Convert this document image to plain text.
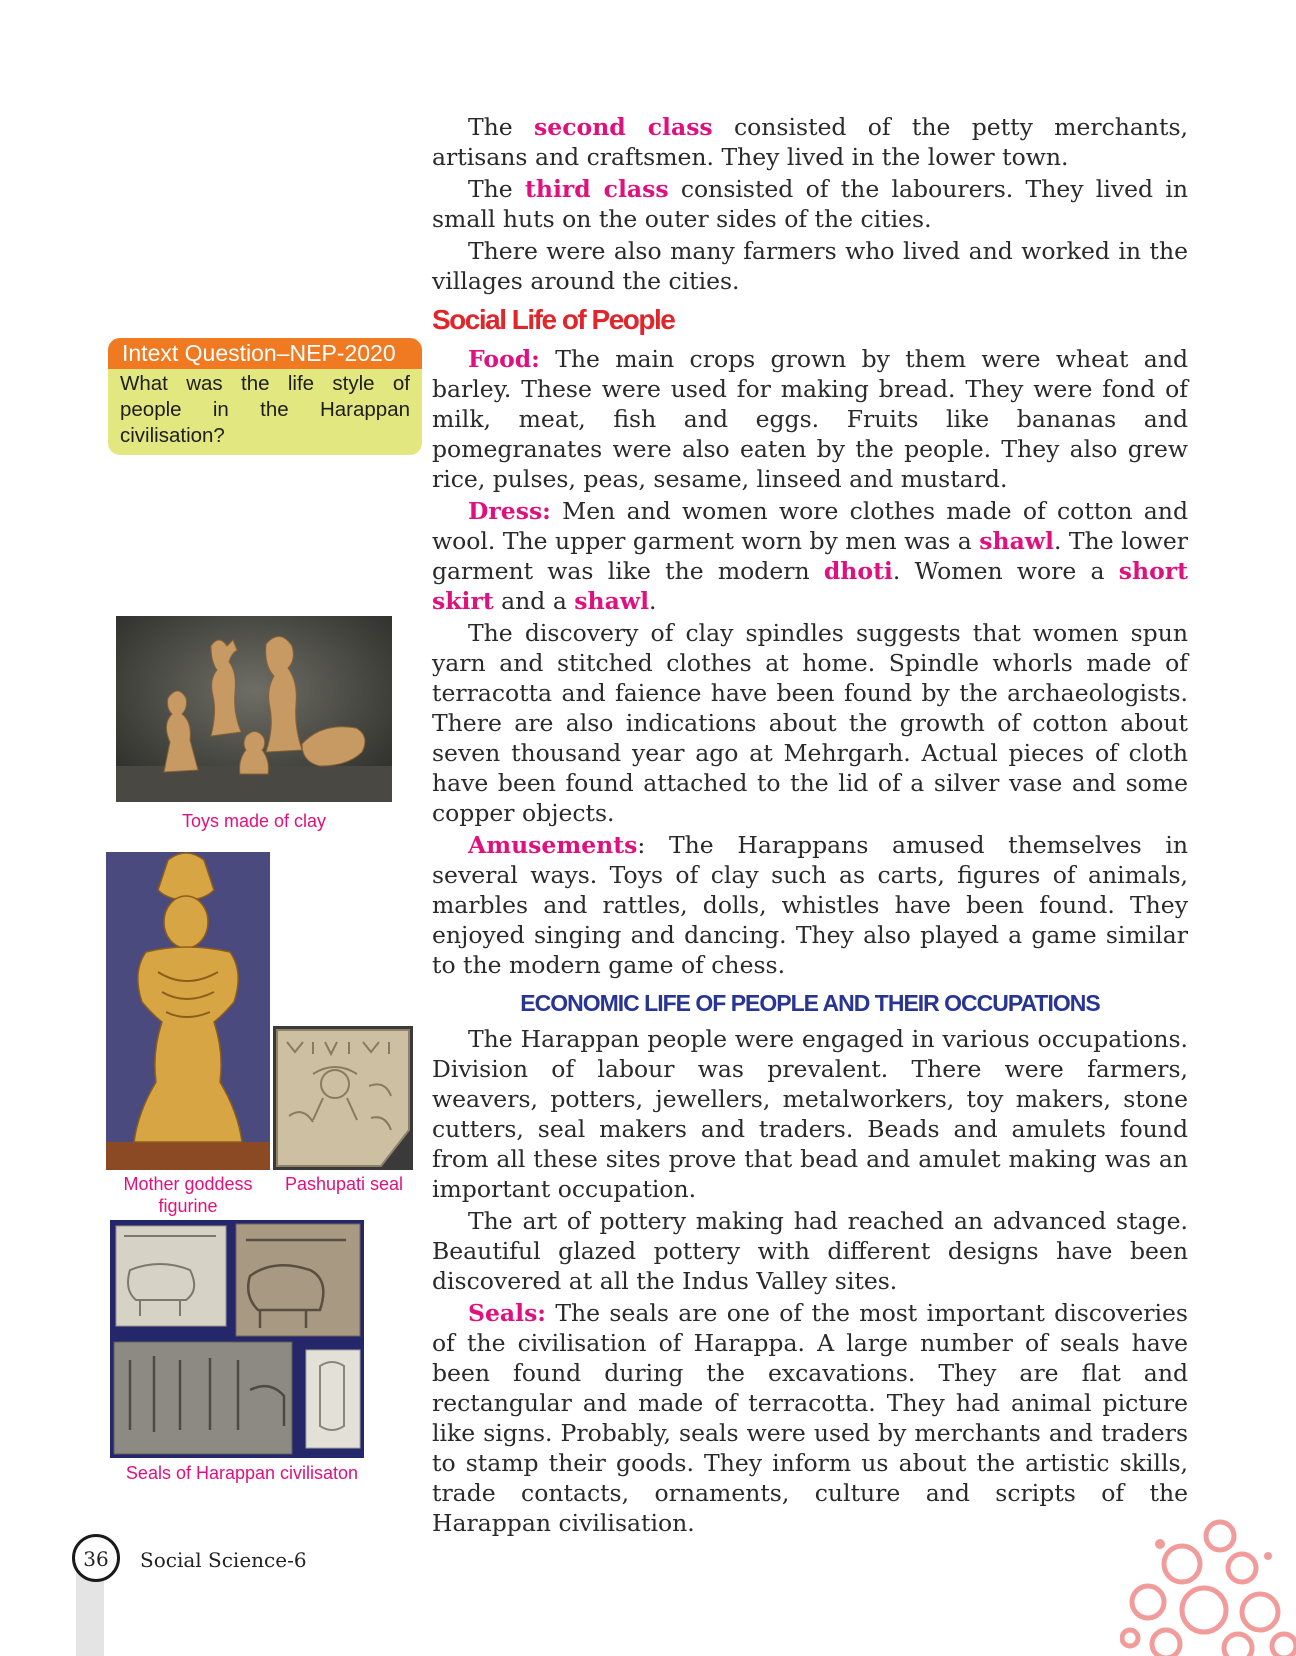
The second class consisted of the petty merchants, artisans and craftsmen. They lived in the lower town.

The third class consisted of the labourers. They lived in small huts on the outer sides of the cities.

There were also many farmers who lived and worked in the villages around the cities.

Social Life of People

Food: The main crops grown by them were wheat and barley. These were used for making bread. They were fond of milk, meat, fish and eggs. Fruits like bananas and pomegranates were also eaten by the people. They also grew rice, pulses, peas, sesame, linseed and mustard.

Dress: Men and women wore clothes made of cotton and wool. The upper garment worn by men was a shawl. The lower garment was like the modern dhoti. Women wore a short skirt and a shawl.

The discovery of clay spindles suggests that women spun yarn and stitched clothes at home. Spindle whorls made of terracotta and faience have been found by the archaeologists. There are also indications about the growth of cotton about seven thousand year ago at Mehrgarh. Actual pieces of cloth have been found attached to the lid of a silver vase and some copper objects.

Amusements: The Harappans amused themselves in several ways. Toys of clay such as carts, figures of animals, marbles and rattles, dolls, whistles have been found. They enjoyed singing and dancing. They also played a game similar to the modern game of chess.

ECONOMIC LIFE OF PEOPLE AND THEIR OCCUPATIONS

The Harappan people were engaged in various occupations. Division of labour was prevalent. There were farmers, weavers, potters, jewellers, metalworkers, toy makers, stone cutters, seal makers and traders. Beads and amulets found from all these sites prove that bead and amulet making was an important occupation.

The art of pottery making had reached an advanced stage. Beautiful glazed pottery with different designs have been discovered at all the Indus Valley sites.

Seals: The seals are one of the most important discoveries of the civilisation of Harappa. A large number of seals have been found during the excavations. They are flat and rectangular and made of terracotta. They had animal picture like signs. Probably, seals were used by merchants and traders to stamp their goods. They inform us about the artistic skills, trade contacts, ornaments, culture and scripts of the Harappan civilisation.

Intext Question–NEP-2020
What was the life style of people in the Harappan civilisation?
Toys made of clay
Mother goddess figurine
Pashupati seal
Seals of Harappan civilisaton
36	Social Science-6
